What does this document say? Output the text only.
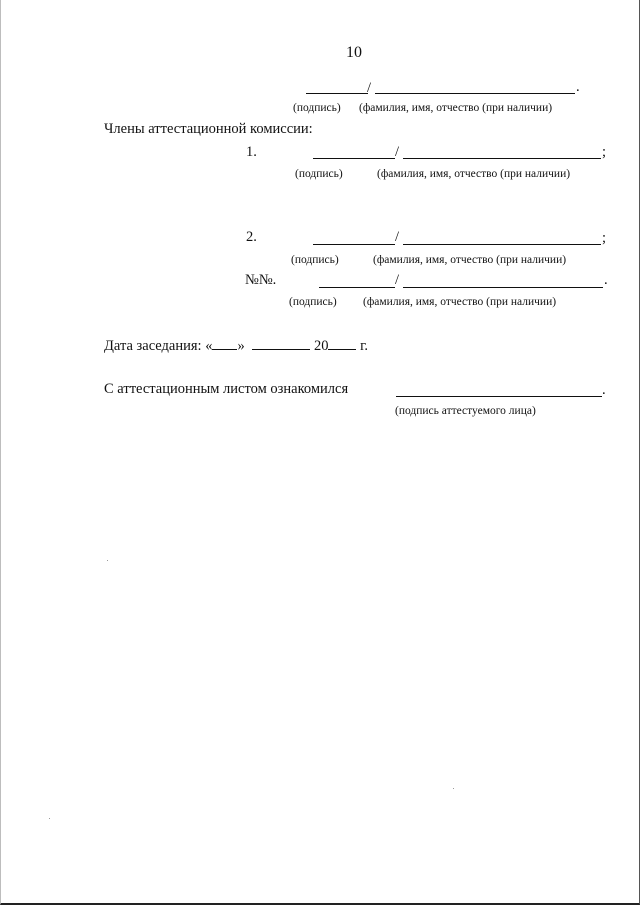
10
/	.
(подпись) (фамилия, имя, отчество (при наличии)
Члены аттестационной комиссии:
1.	/	;
(подпись)	(фамилия, имя, отчество (при наличии)
2.	/	;
(подпись)	(фамилия, имя, отчество (при наличии)
№№.	/	.
(подпись) (фамилия, имя, отчество (при наличии)
Дата заседания: « »	20 г.
С аттестационным листом ознакомился	.
(подпись аттестуемого лица)
